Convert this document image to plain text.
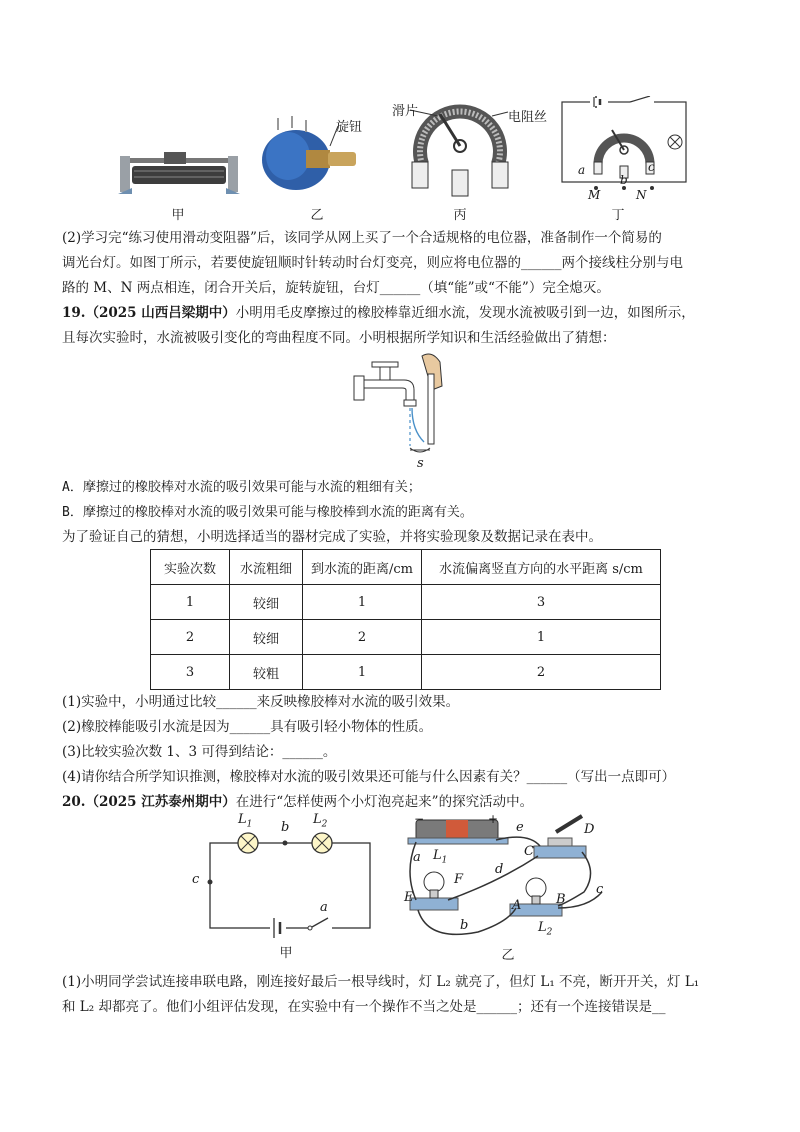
甲
旋钮
乙
滑片	电阻丝
丙
a
b
c
M	N
丁
(2)学习完“练习使用滑动变阻器”后，该同学从网上买了一个合适规格的电位器，准备制作一个简易的
调光台灯。如图丁所示，若要使旋钮顺时针转动时台灯变亮，则应将电位器的______两个接线柱分别与电
路的 M、N 两点相连，闭合开关后，旋转旋钮，台灯______（填“能”或“不能”）完全熄灭。
19.（2025 山西吕梁期中）小明用毛皮摩擦过的橡胶棒靠近细水流，发现水流被吸引到一边，如图所示，
且每次实验时，水流被吸引变化的弯曲程度不同。小明根据所学知识和生活经验做出了猜想：
s
A．摩擦过的橡胶棒对水流的吸引效果可能与水流的粗细有关；
B．摩擦过的橡胶棒对水流的吸引效果可能与橡胶棒到水流的距离有关。
为了验证自己的猜想，小明选择适当的器材完成了实验，并将实验现象及数据记录在表中。
实验次数	水流粗细	到水流的距离/cm	水流偏离竖直方向的水平距离 s/cm
1	较细	1	3
2	较细	2	1
3	较粗	1	2
(1)实验中，小明通过比较______来反映橡胶棒对水流的吸引效果。
(2)橡胶棒能吸引水流是因为______具有吸引轻小物体的性质。
(3)比较实验次数 1、3 可得到结论：______。
(4)请你结合所学知识推测，橡胶棒对水流的吸引效果还可能与什么因素有关？______（写出一点即可）
20.（2025 江苏泰州期中）在进行“怎样使两个小灯泡亮起来”的探究活动中。
$L_1$	$L_2$
b
c
a
甲
−	+
e	D
C
a $L_1$
d
F
c
E
A	B
b	$L_2$
乙
(1)小明同学尝试连接串联电路，刚连接好最后一根导线时，灯 L₂ 就亮了，但灯 L₁ 不亮，断开开关，灯 L₁
和 L₂ 却都亮了。他们小组评估发现，在实验中有一个操作不当之处是______；还有一个连接错误是__
